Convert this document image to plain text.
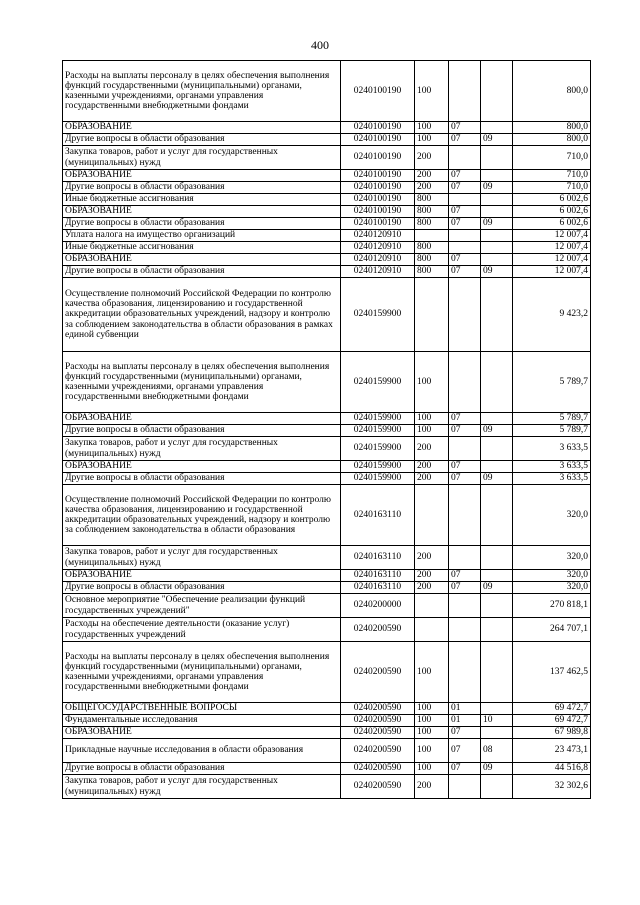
400
Расходы на выплаты персоналу в целях обеспечения выполнения функций государственными (муниципальными) органами, казенными учреждениями, органами управления государственными внебюджетными фондами	0240100190	100			800,0
ОБРАЗОВАНИЕ	0240100190	100	07		800,0
Другие вопросы в области образования	0240100190	100	07	09	800,0
Закупка товаров, работ и услуг для государственных (муниципальных) нужд	0240100190	200			710,0
ОБРАЗОВАНИЕ	0240100190	200	07		710,0
Другие вопросы в области образования	0240100190	200	07	09	710,0
Иные бюджетные ассигнования	0240100190	800			6 002,6
ОБРАЗОВАНИЕ	0240100190	800	07		6 002,6
Другие вопросы в области образования	0240100190	800	07	09	6 002,6
Уплата налога на имущество организаций	0240120910				12 007,4
Иные бюджетные ассигнования	0240120910	800			12 007,4
ОБРАЗОВАНИЕ	0240120910	800	07		12 007,4
Другие вопросы в области образования	0240120910	800	07	09	12 007,4
Осуществление полномочий Российской Федерации по контролю качества образования, лицензированию и государственной аккредитации образовательных учреждений, надзору и контролю за соблюдением законодательства в области образования в рамках единой субвенции	0240159900				9 423,2
Расходы на выплаты персоналу в целях обеспечения выполнения функций государственными (муниципальными) органами, казенными учреждениями, органами управления государственными внебюджетными фондами	0240159900	100			5 789,7
ОБРАЗОВАНИЕ	0240159900	100	07		5 789,7
Другие вопросы в области образования	0240159900	100	07	09	5 789,7
Закупка товаров, работ и услуг для государственных (муниципальных) нужд	0240159900	200			3 633,5
ОБРАЗОВАНИЕ	0240159900	200	07		3 633,5
Другие вопросы в области образования	0240159900	200	07	09	3 633,5
Осуществление полномочий Российской Федерации по контролю качества образования, лицензированию и государственной аккредитации образовательных учреждений, надзору и контролю за соблюдением законодательства в области образования	0240163110				320,0
Закупка товаров, работ и услуг для государственных (муниципальных) нужд	0240163110	200			320,0
ОБРАЗОВАНИЕ	0240163110	200	07		320,0
Другие вопросы в области образования	0240163110	200	07	09	320,0
Основное мероприятие "Обеспечение реализации функций государственных учреждений"	0240200000				270 818,1
Расходы на обеспечение деятельности (оказание услуг) государственных учреждений	0240200590				264 707,1
Расходы на выплаты персоналу в целях обеспечения выполнения функций государственными (муниципальными) органами, казенными учреждениями, органами управления государственными внебюджетными фондами	0240200590	100			137 462,5
ОБЩЕГОСУДАРСТВЕННЫЕ ВОПРОСЫ	0240200590	100	01		69 472,7
Фундаментальные исследования	0240200590	100	01	10	69 472,7
ОБРАЗОВАНИЕ	0240200590	100	07		67 989,8
Прикладные научные исследования в области образования	0240200590	100	07	08	23 473,1
Другие вопросы в области образования	0240200590	100	07	09	44 516,8
Закупка товаров, работ и услуг для государственных (муниципальных) нужд	0240200590	200			32 302,6
